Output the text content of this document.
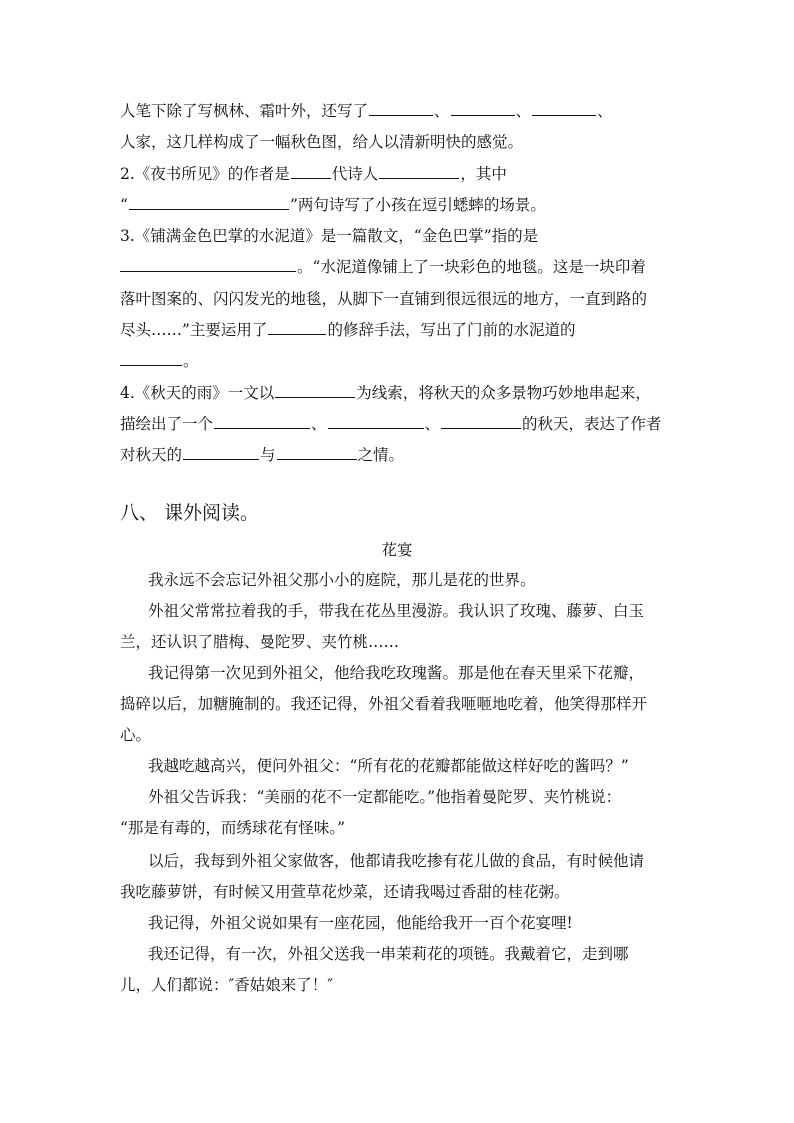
人笔下除了写枫林、霜叶外，还写了	、	、	、
人家，这几样构成了一幅秋色图，给人以清新明快的感觉。
2.《夜书所见》的作者是	代诗人	，其中
“	”两句诗写了小孩在逗引蟋蟀的场景。
3.《铺满金色巴掌的水泥道》是一篇散文，“金色巴掌”指的是
。“水泥道像铺上了一块彩色的地毯。这是一块印着
落叶图案的、闪闪发光的地毯，从脚下一直铺到很远很远的地方，一直到路的
尽头……”主要运用了	的修辞手法，写出了门前的水泥道的
。
4.《秋天的雨》一文以	为线索，将秋天的众多景物巧妙地串起来，
描绘出了一个	、	、	的秋天，表达了作者
对秋天的	与	之情。
八、 课外阅读。
花宴
我永远不会忘记外祖父那小小的庭院，那儿是花的世界。
外祖父常常拉着我的手，带我在花丛里漫游。我认识了玫瑰、藤萝、白玉
兰，还认识了腊梅、曼陀罗、夹竹桃……
我记得第一次见到外祖父，他给我吃玫瑰酱。那是他在春天里采下花瓣，
捣碎以后，加糖腌制的。我还记得，外祖父看着我咂咂地吃着，他笑得那样开
心。
我越吃越高兴，便问外祖父：“所有花的花瓣都能做这样好吃的酱吗？”
外祖父告诉我：“美丽的花不一定都能吃。”他指着曼陀罗、夹竹桃说：
“那是有毒的，而绣球花有怪味。”
以后，我每到外祖父家做客，他都请我吃掺有花儿做的食品，有时候他请
我吃藤萝饼，有时候又用萱草花炒菜，还请我喝过香甜的桂花粥。
我记得，外祖父说如果有一座花园，他能给我开一百个花宴哩!
我还记得，有一次，外祖父送我一串茉莉花的项链。我戴着它，走到哪
儿，人们都说：″香姑娘来了！″
